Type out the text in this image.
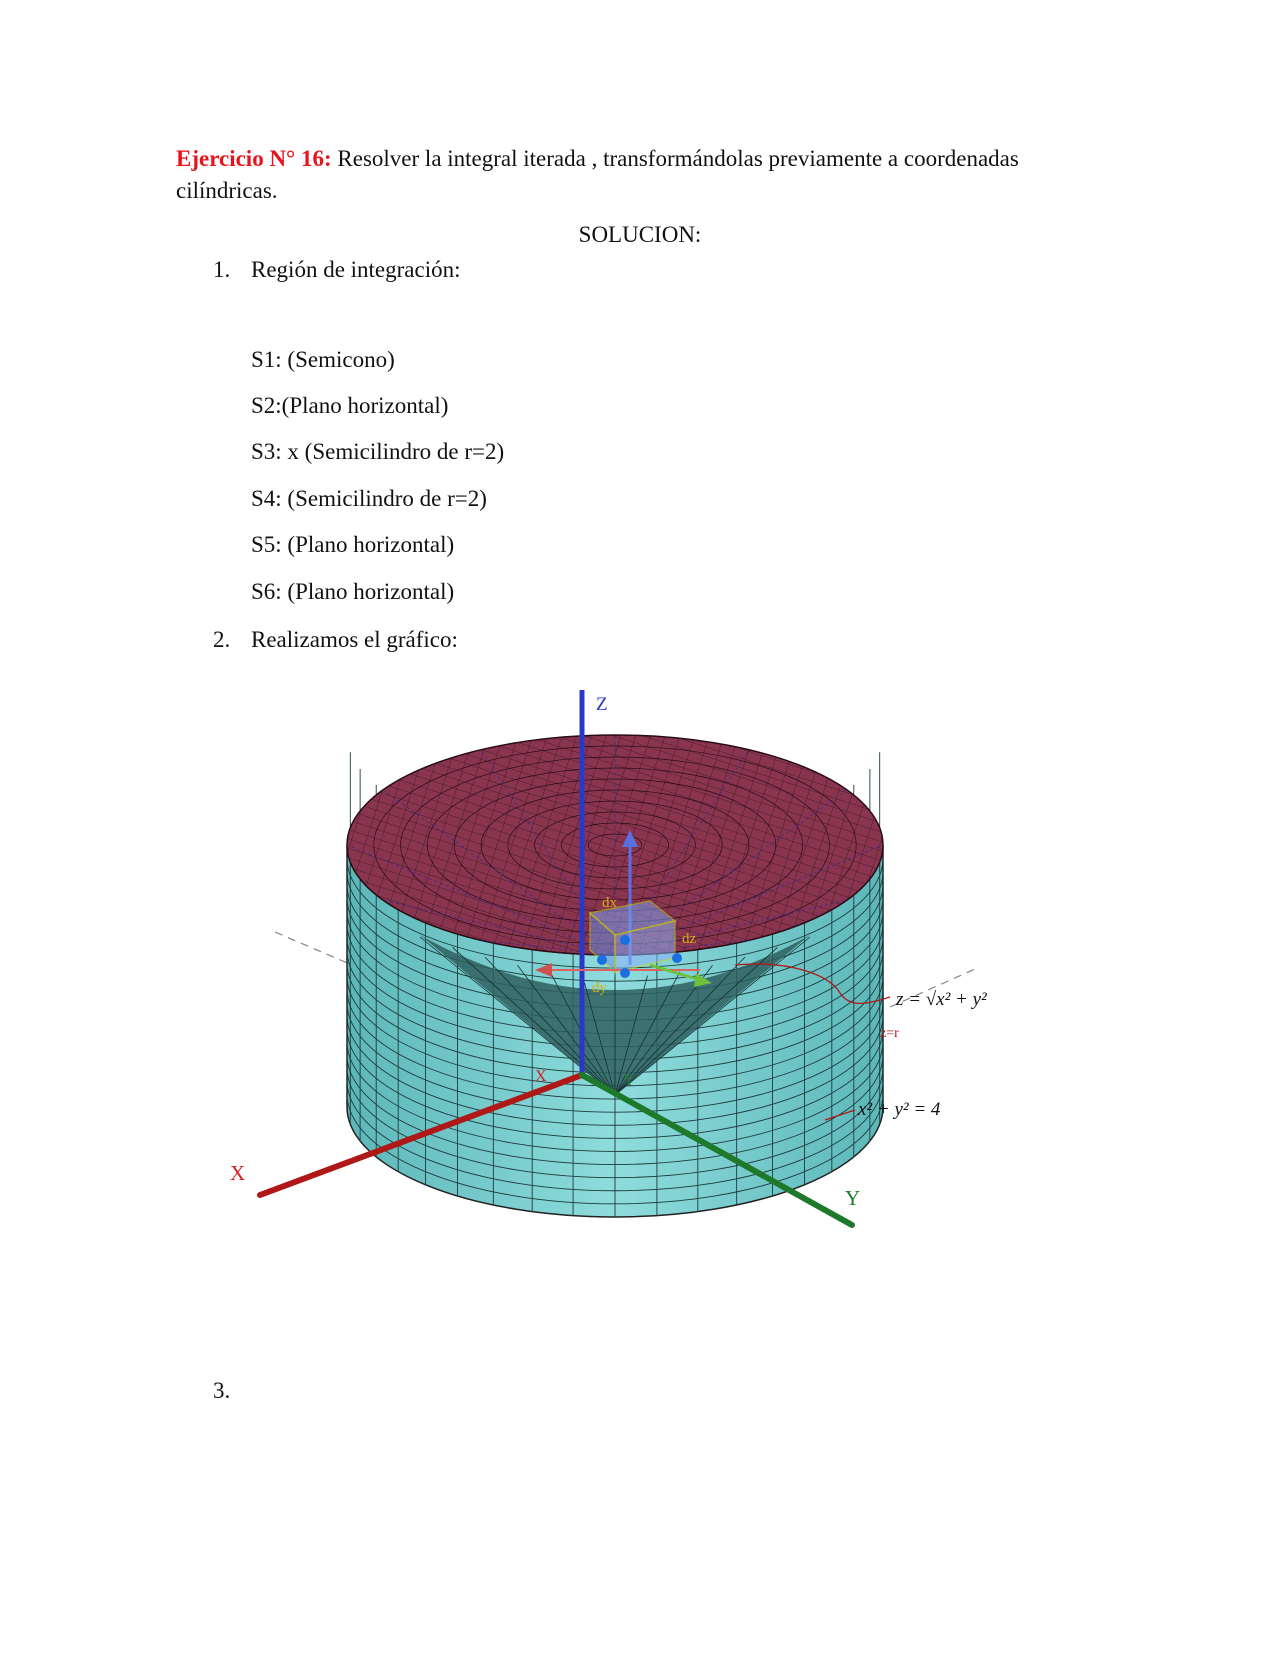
Ejercicio N° 16: Resolver la integral iterada , transformándolas previamente a coordenadas cilíndricas.
SOLUCION:
1. Región de integración:
S1: (Semicono)
S2:(Plano horizontal)
S3: x (Semicilindro de r=2)
S4: (Semicilindro de r=2)
S5: (Plano horizontal)
S6: (Plano horizontal)
2. Realizamos el gráfico:
Z
X
X
Y
Y
dx
dz
dy
z = √x² + y²
z=r
x² + y² = 4
3.
